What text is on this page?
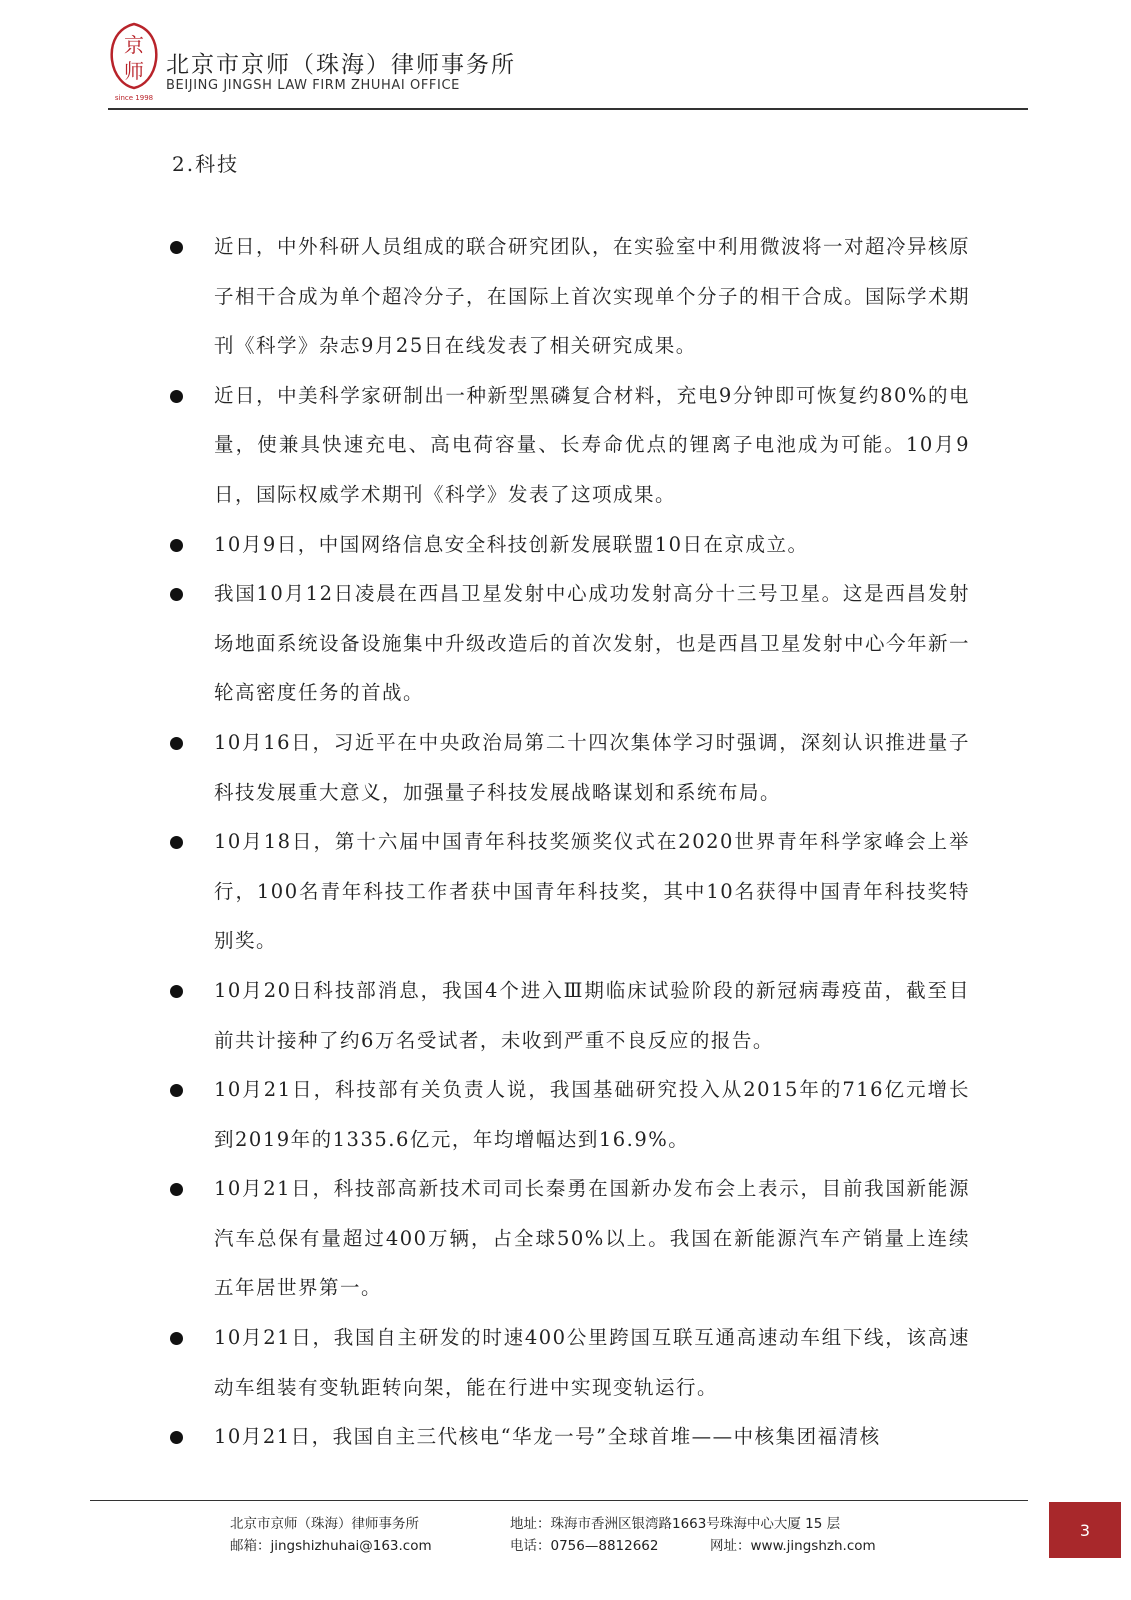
京
师
since 1998
北京市京师（珠海）律师事务所
BEIJING JINGSH LAW FIRM ZHUHAI OFFICE
2.科技
近日，中外科研人员组成的联合研究团队，在实验室中利用微波将一对超冷异核原子相干合成为单个超冷分子，在国际上首次实现单个分子的相干合成。国际学术期刊《科学》杂志9月25日在线发表了相关研究成果。
近日，中美科学家研制出一种新型黑磷复合材料，充电9分钟即可恢复约80%的电量，使兼具快速充电、高电荷容量、长寿命优点的锂离子电池成为可能。10月9日，国际权威学术期刊《科学》发表了这项成果。
10月9日，中国网络信息安全科技创新发展联盟10日在京成立。
我国10月12日凌晨在西昌卫星发射中心成功发射高分十三号卫星。这是西昌发射场地面系统设备设施集中升级改造后的首次发射，也是西昌卫星发射中心今年新一轮高密度任务的首战。
10月16日，习近平在中央政治局第二十四次集体学习时强调，深刻认识推进量子科技发展重大意义，加强量子科技发展战略谋划和系统布局。
10月18日，第十六届中国青年科技奖颁奖仪式在2020世界青年科学家峰会上举行，100名青年科技工作者获中国青年科技奖，其中10名获得中国青年科技奖特别奖。
10月20日科技部消息，我国4个进入Ⅲ期临床试验阶段的新冠病毒疫苗，截至目前共计接种了约6万名受试者，未收到严重不良反应的报告。
10月21日，科技部有关负责人说，我国基础研究投入从2015年的716亿元增长到2019年的1335.6亿元，年均增幅达到16.9%。
10月21日，科技部高新技术司司长秦勇在国新办发布会上表示，目前我国新能源汽车总保有量超过400万辆，占全球50%以上。我国在新能源汽车产销量上连续五年居世界第一。
10月21日，我国自主研发的时速400公里跨国互联互通高速动车组下线，该高速动车组装有变轨距转向架，能在行进中实现变轨运行。
10月21日，我国自主三代核电“华龙一号”全球首堆——中核集团福清核
北京市京师（珠海）律师事务所
邮箱：jingshizhuhai@163.com
地址：珠海市香洲区银湾路1663号珠海中心大厦 15 层
电话：0756—8812662	网址：www.jingshzh.com
3
